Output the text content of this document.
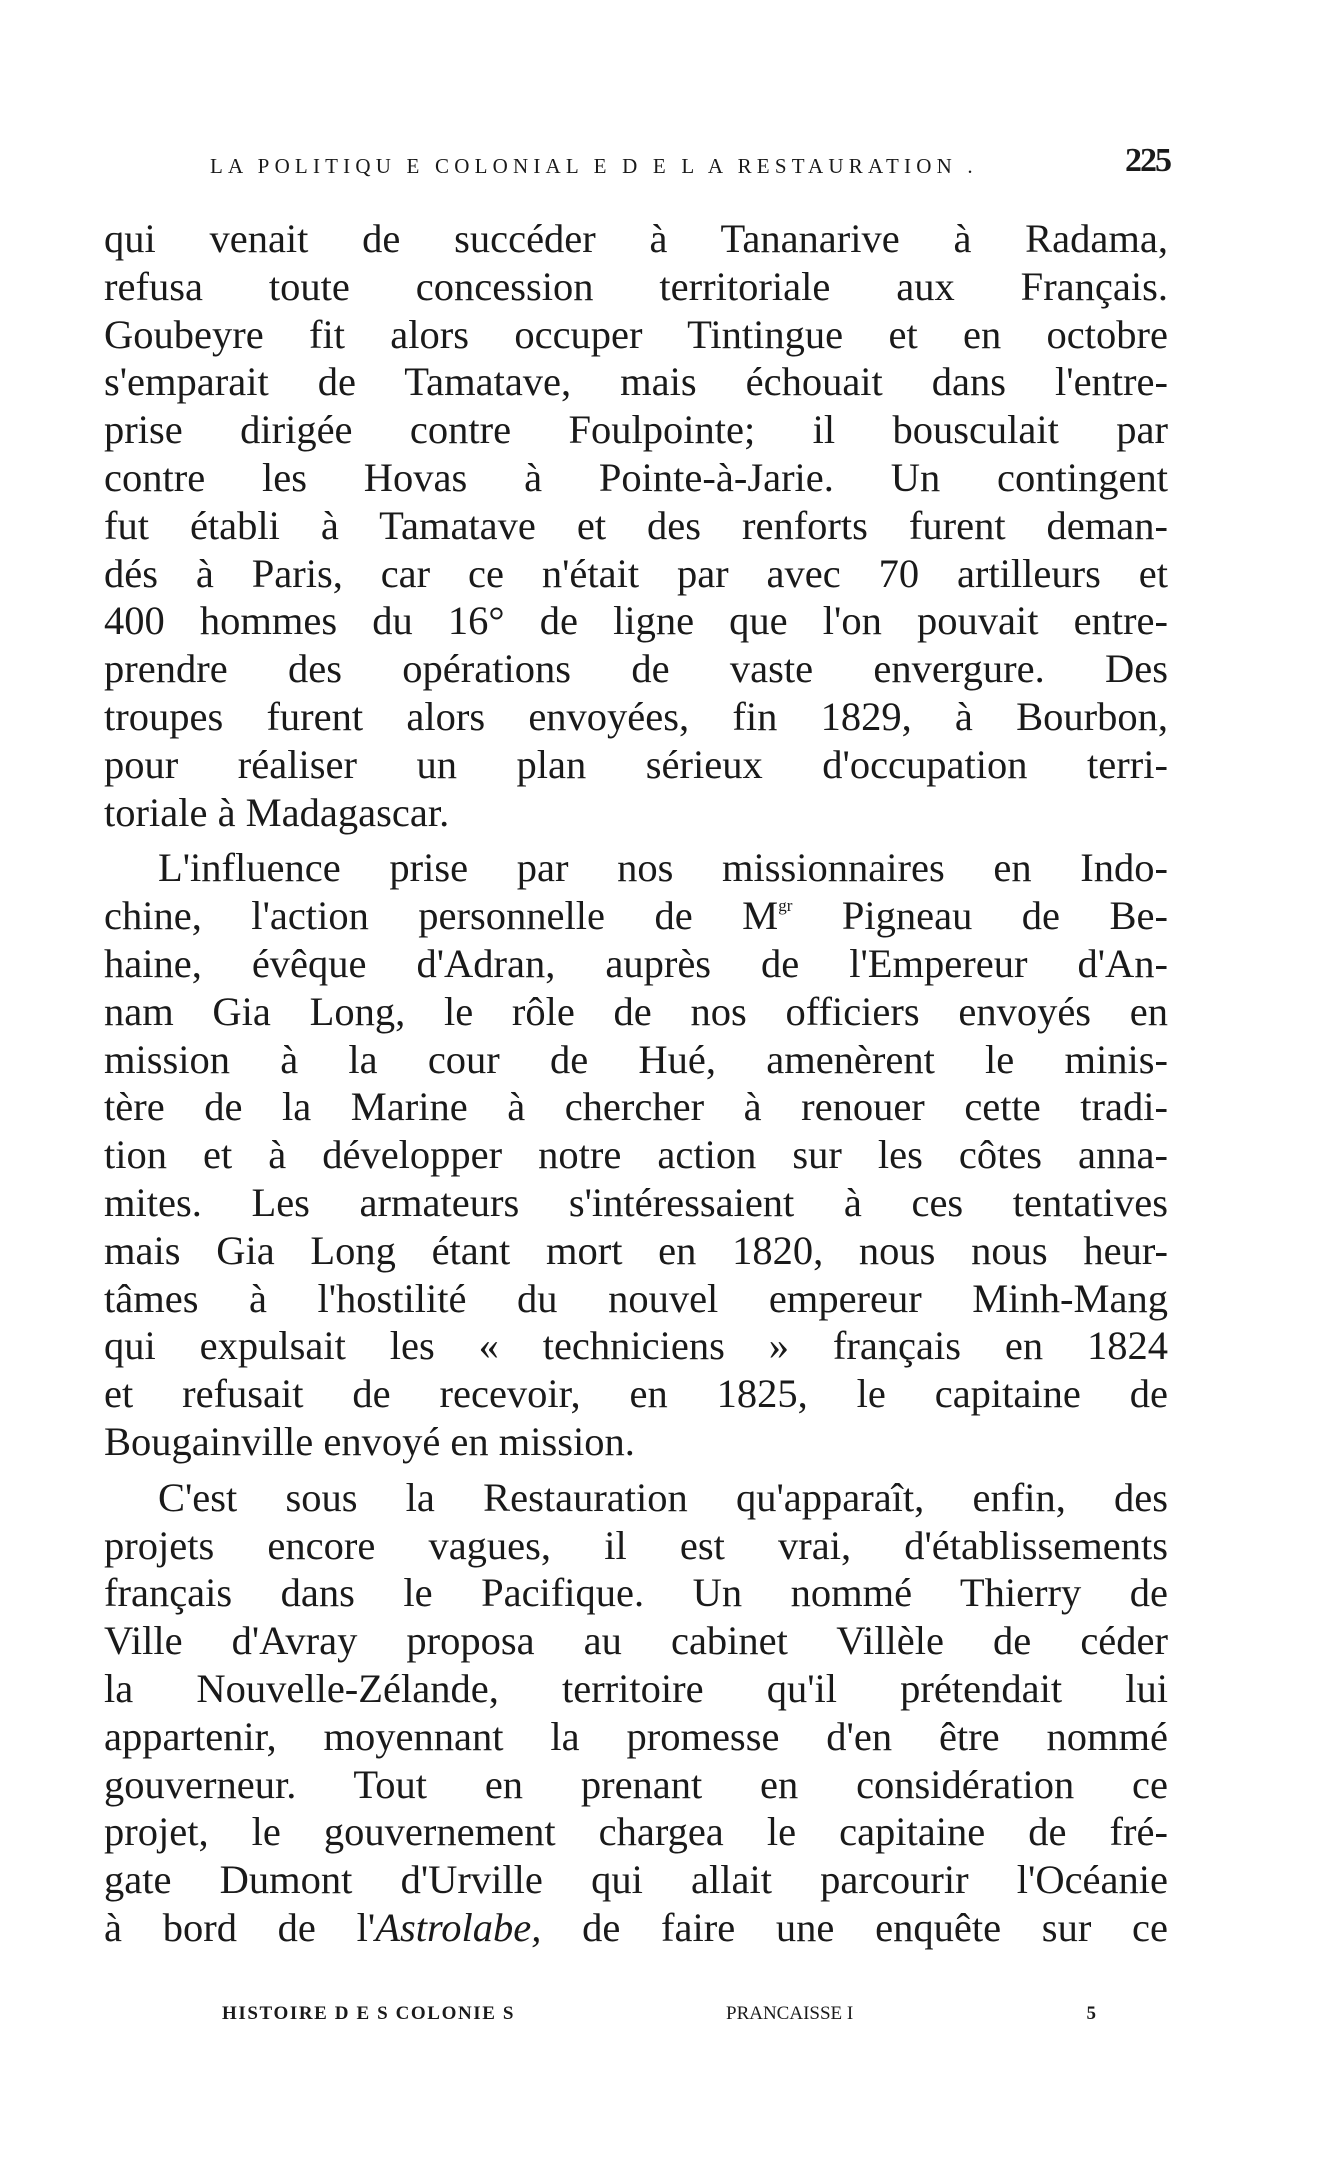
LA POLITIQU E COLONIAL E D E L A RESTAURATION .	225

qui venait de succéder à Tananarive à Radama,
refusa toute concession territoriale aux Français.
Goubeyre fit alors occuper Tintingue et en octobre
s'emparait de Tamatave, mais échouait dans l'entre-
prise dirigée contre Foulpointe; il bousculait par
contre les Hovas à Pointe-à-Jarie. Un contingent
fut établi à Tamatave et des renforts furent deman-
dés à Paris, car ce n'était par avec 70 artilleurs et
400 hommes du 16° de ligne que l'on pouvait entre-
prendre des opérations de vaste envergure. Des
troupes furent alors envoyées, fin 1829, à Bourbon,
pour réaliser un plan sérieux d'occupation terri-
toriale à Madagascar.

L'influence prise par nos missionnaires en Indo-
chine, l'action personnelle de $M^{gr}$ Pigneau de Be-
haine, évêque d'Adran, auprès de l'Empereur d'An-
nam Gia Long, le rôle de nos officiers envoyés en
mission à la cour de Hué, amenèrent le minis-
tère de la Marine à chercher à renouer cette tradi-
tion et à développer notre action sur les côtes anna-
mites. Les armateurs s'intéressaient à ces tentatives
mais Gia Long étant mort en 1820, nous nous heur-
tâmes à l'hostilité du nouvel empereur Minh-Mang
qui expulsait les « techniciens » français en 1824
et refusait de recevoir, en 1825, le capitaine de
Bougainville envoyé en mission.

C'est sous la Restauration qu'apparaît, enfin, des
projets encore vagues, il est vrai, d'établissements
français dans le Pacifique. Un nommé Thierry de
Ville d'Avray proposa au cabinet Villèle de céder
la Nouvelle-Zélande, territoire qu'il prétendait lui
appartenir, moyennant la promesse d'en être nommé
gouverneur. Tout en prenant en considération ce
projet, le gouvernement chargea le capitaine de fré-
gate Dumont d'Urville qui allait parcourir l'Océanie
à bord de l'Astrolabe, de faire une enquête sur ce

HISTOIRE D E S COLONIE S	PRANCAISSE I	5
